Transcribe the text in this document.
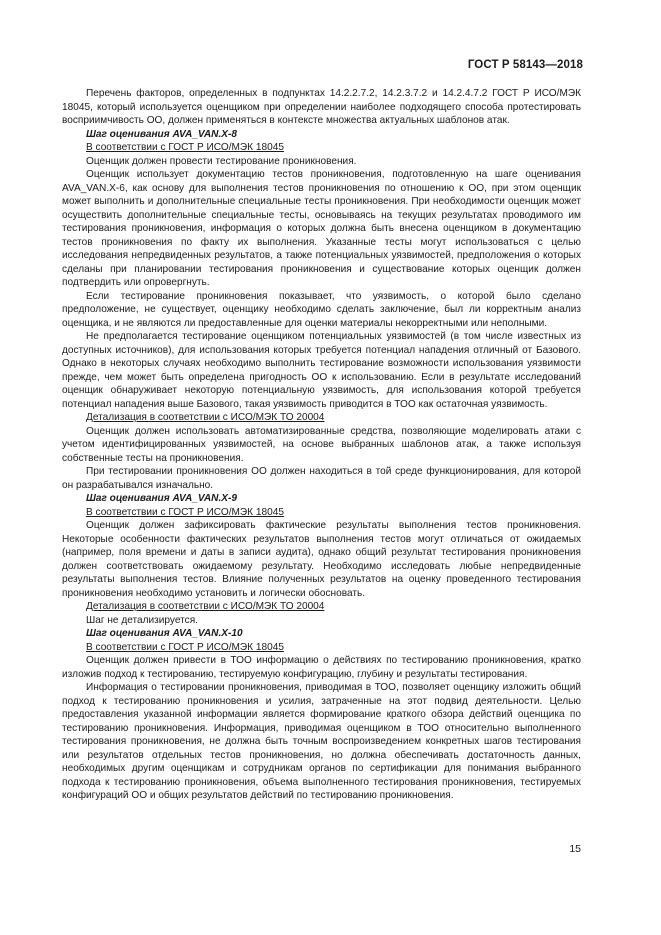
ГОСТ Р 58143—2018

Перечень факторов, определенных в подпунктах 14.2.2.7.2, 14.2.3.7.2 и 14.2.4.7.2 ГОСТ Р ИСО/МЭК 18045, который используется оценщиком при определении наиболее подходящего способа протестировать восприимчивость ОО, должен применяться в контексте множества актуальных шаблонов атак.

Шаг оценивания AVA_VAN.X-8

В соответствии с ГОСТ Р ИСО/МЭК 18045

Оценщик должен провести тестирование проникновения.

Оценщик использует документацию тестов проникновения, подготовленную на шаге оценивания AVA_VAN.X-6, как основу для выполнения тестов проникновения по отношению к ОО, при этом оценщик может выполнить и дополнительные специальные тесты проникновения. При необходимости оценщик может осуществить дополнительные специальные тесты, основываясь на текущих результатах проводимого им тестирования проникновения, информация о которых должна быть внесена оценщиком в документацию тестов проникновения по факту их выполнения. Указанные тесты могут использоваться с целью исследования непредвиденных результатов, а также потенциальных уязвимостей, предположения о которых сделаны при планировании тестирования проникновения и существование которых оценщик должен подтвердить или опровергнуть.

Если тестирование проникновения показывает, что уязвимость, о которой было сделано предположение, не существует, оценщику необходимо сделать заключение, был ли корректным анализ оценщика, и не являются ли предоставленные для оценки материалы некорректными или неполными.

Не предполагается тестирование оценщиком потенциальных уязвимостей (в том числе известных из доступных источников), для использования которых требуется потенциал нападения отличный от Базового. Однако в некоторых случаях необходимо выполнить тестирование возможности использования уязвимости прежде, чем может быть определена пригодность ОО к использованию. Если в результате исследований оценщик обнаруживает некоторую потенциальную уязвимость, для использования которой требуется потенциал нападения выше Базового, такая уязвимость приводится в ТОО как остаточная уязвимость.

Детализация в соответствии с ИСО/МЭК ТО 20004

Оценщик должен использовать автоматизированные средства, позволяющие моделировать атаки с учетом идентифицированных уязвимостей, на основе выбранных шаблонов атак, а также используя собственные тесты на проникновения.

При тестировании проникновения ОО должен находиться в той среде функционирования, для которой он разрабатывался изначально.

Шаг оценивания AVA_VAN.X-9

В соответствии с ГОСТ Р ИСО/МЭК 18045

Оценщик должен зафиксировать фактические результаты выполнения тестов проникновения. Некоторые особенности фактических результатов выполнения тестов могут отличаться от ожидаемых (например, поля времени и даты в записи аудита), однако общий результат тестирования проникновения должен соответствовать ожидаемому результату. Необходимо исследовать любые непредвиденные результаты выполнения тестов. Влияние полученных результатов на оценку проведенного тестирования проникновения необходимо установить и логически обосновать.

Детализация в соответствии с ИСО/МЭК ТО 20004

Шаг не детализируется.

Шаг оценивания AVA_VAN.X-10

В соответствии с ГОСТ Р ИСО/МЭК 18045

Оценщик должен привести в ТОО информацию о действиях по тестированию проникновения, кратко изложив подход к тестированию, тестируемую конфигурацию, глубину и результаты тестирования.

Информация о тестировании проникновения, приводимая в ТОО, позволяет оценщику изложить общий подход к тестированию проникновения и усилия, затраченные на этот подвид деятельности. Целью предоставления указанной информации является формирование краткого обзора действий оценщика по тестированию проникновения. Информация, приводимая оценщиком в ТОО относительно выполненного тестирования проникновения, не должна быть точным воспроизведением конкретных шагов тестирования или результатов отдельных тестов проникновения, но должна обеспечивать достаточность данных, необходимых другим оценщикам и сотрудникам органов по сертификации для понимания выбранного подхода к тестированию проникновения, объема выполненного тестирования проникновения, тестируемых конфигураций ОО и общих результатов действий по тестированию проникновения.

15
